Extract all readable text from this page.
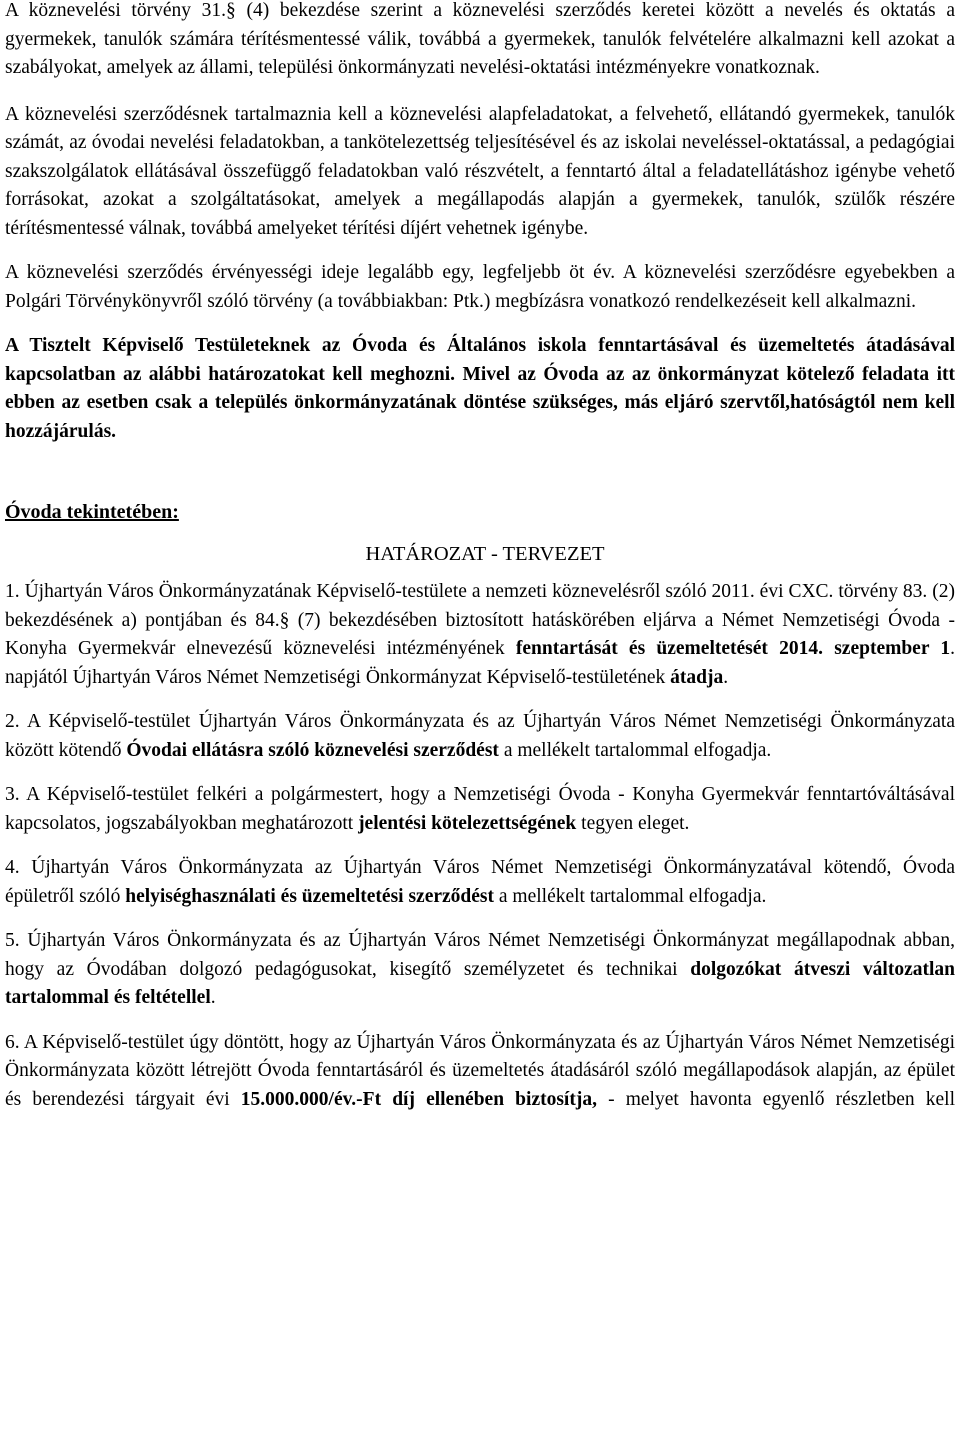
A köznevelési törvény 31.§ (4) bekezdése szerint a köznevelési szerződés keretei között a nevelés és oktatás a gyermekek, tanulók számára térítésmentessé válik, továbbá a gyermekek, tanulók felvételére alkalmazni kell azokat a szabályokat, amelyek az állami, települési önkormányzati nevelési-oktatási intézményekre vonatkoznak.

A köznevelési szerződésnek tartalmaznia kell a köznevelési alapfeladatokat, a felvehető, ellátandó gyermekek, tanulók számát, az óvodai nevelési feladatokban, a tankötelezettség teljesítésével és az iskolai neveléssel-oktatással, a pedagógiai szakszolgálatok ellátásával összefüggő feladatokban való részvételt, a fenntartó által a feladatellátáshoz igénybe vehető forrásokat, azokat a szolgáltatásokat, amelyek a megállapodás alapján a gyermekek, tanulók, szülők részére térítésmentessé válnak, továbbá amelyeket térítési díjért vehetnek igénybe.

A köznevelési szerződés érvényességi ideje legalább egy, legfeljebb öt év. A köznevelési szerződésre egyebekben a Polgári Törvénykönyvről szóló törvény (a továbbiakban: Ptk.) megbízásra vonatkozó rendelkezéseit kell alkalmazni.

A Tisztelt Képviselő Testületeknek az Óvoda és Általános iskola fenntartásával és üzemeltetés átadásával kapcsolatban az alábbi határozatokat kell meghozni. Mivel az Óvoda az az önkormányzat kötelező feladata itt ebben az esetben csak a település önkormányzatának döntése szükséges, más eljáró szervtől,hatóságtól nem kell hozzájárulás.

Óvoda tekintetében:

HATÁROZAT - TERVEZET

1. Újhartyán Város Önkormányzatának Képviselő-testülete a nemzeti köznevelésről szóló 2011. évi CXC. törvény 83. (2) bekezdésének a) pontjában és 84.§ (7) bekezdésében biztosított hatáskörében eljárva a Német Nemzetiségi Óvoda - Konyha Gyermekvár elnevezésű köznevelési intézményének fenntartását és üzemeltetését 2014. szeptember 1. napjától Újhartyán Város Német Nemzetiségi Önkormányzat Képviselő-testületének átadja.

2. A Képviselő-testület Újhartyán Város Önkormányzata és az Újhartyán Város Német Nemzetiségi Önkormányzata között kötendő Óvodai ellátásra szóló köznevelési szerződést a mellékelt tartalommal elfogadja.

3. A Képviselő-testület felkéri a polgármestert, hogy a Nemzetiségi Óvoda - Konyha Gyermekvár fenntartóváltásával kapcsolatos, jogszabályokban meghatározott jelentési kötelezettségének tegyen eleget.

4. Újhartyán Város Önkormányzata az Újhartyán Város Német Nemzetiségi Önkormányzatával kötendő, Óvoda épületről szóló helyiséghasználati és üzemeltetési szerződést a mellékelt tartalommal elfogadja.

5. Újhartyán Város Önkormányzata és az Újhartyán Város Német Nemzetiségi Önkormányzat megállapodnak abban, hogy az Óvodában dolgozó pedagógusokat, kisegítő személyzetet és technikai dolgozókat átveszi változatlan tartalommal és feltétellel.

6. A Képviselő-testület úgy döntött, hogy az Újhartyán Város Önkormányzata és az Újhartyán Város Német Nemzetiségi Önkormányzata között létrejött Óvoda fenntartásáról és üzemeltetés átadásáról szóló megállapodások alapján, az épület és berendezési tárgyait évi 15.000.000/év.-Ft díj ellenében biztosítja, - melyet havonta egyenlő részletben kell
